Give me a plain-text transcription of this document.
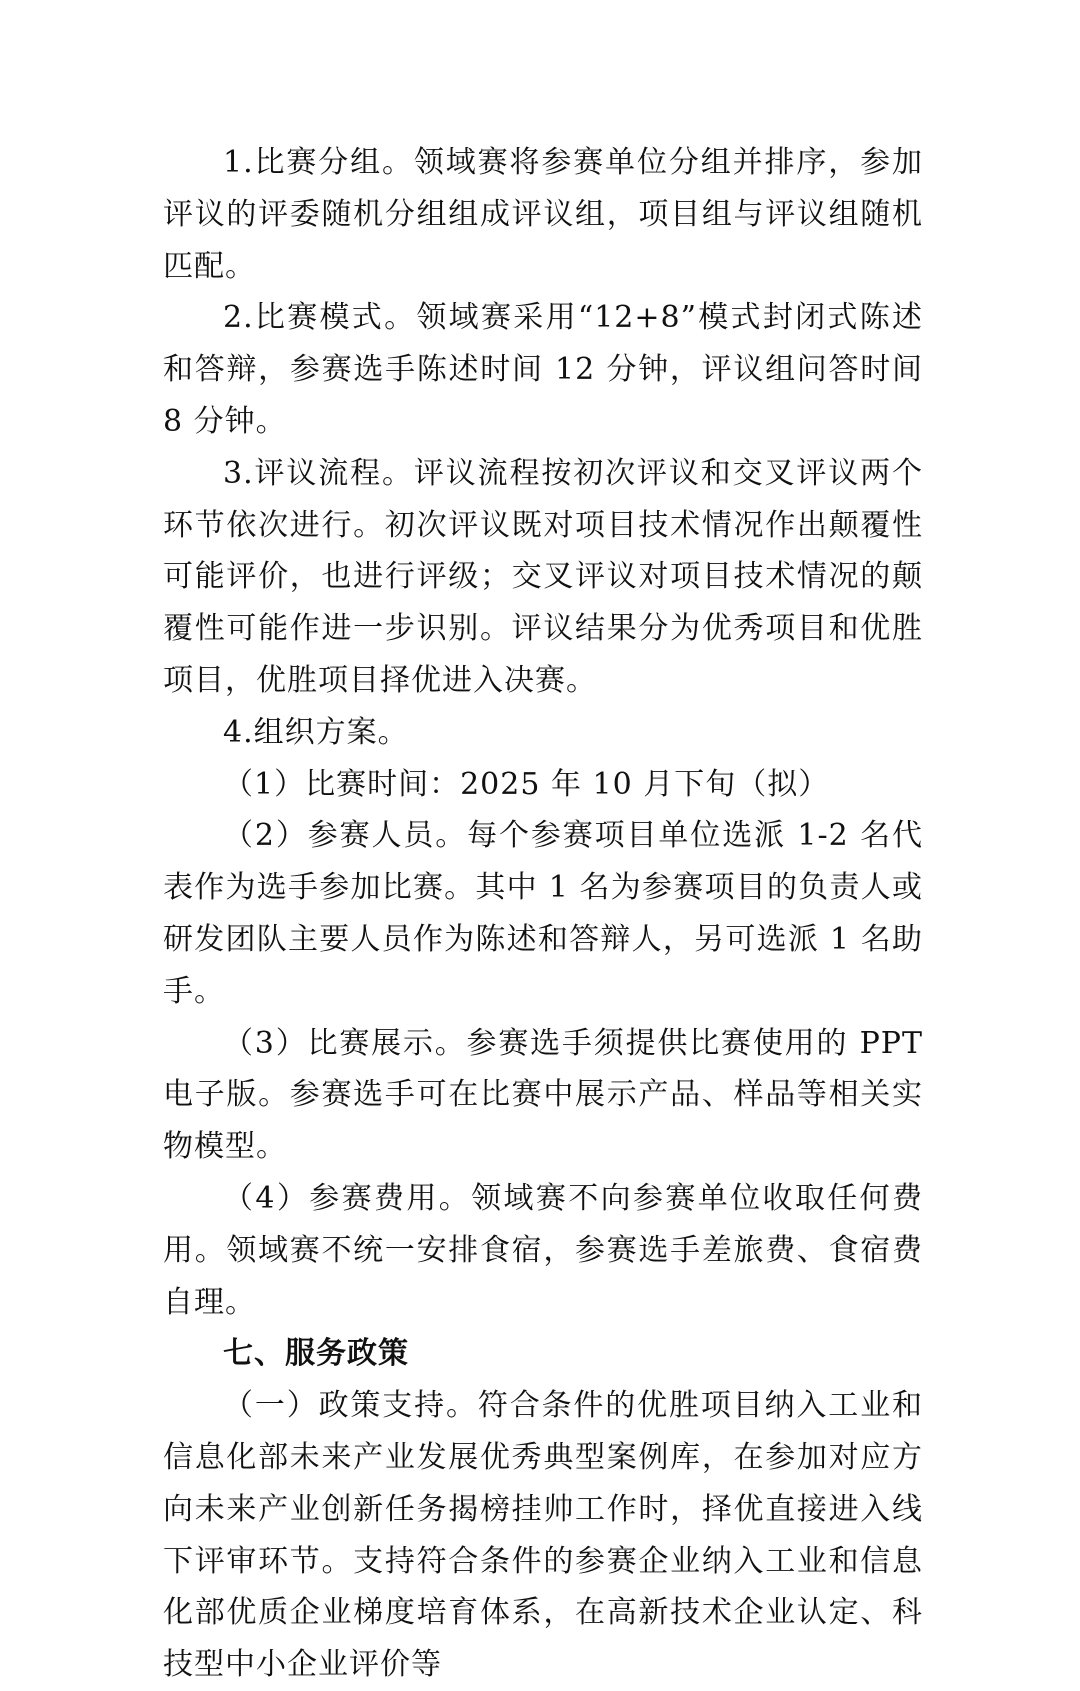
1.比赛分组。领域赛将参赛单位分组并排序，参加评议的评委随机分组组成评议组，项目组与评议组随机匹配。

2.比赛模式。领域赛采用“12+8”模式封闭式陈述和答辩，参赛选手陈述时间 12 分钟，评议组问答时间 8 分钟。

3.评议流程。评议流程按初次评议和交叉评议两个环节依次进行。初次评议既对项目技术情况作出颠覆性可能评价，也进行评级；交叉评议对项目技术情况的颠覆性可能作进一步识别。评议结果分为优秀项目和优胜项目，优胜项目择优进入决赛。

4.组织方案。

（1）比赛时间：2025 年 10 月下旬（拟）

（2）参赛人员。每个参赛项目单位选派 1-2 名代表作为选手参加比赛。其中 1 名为参赛项目的负责人或研发团队主要人员作为陈述和答辩人，另可选派 1 名助手。

（3）比赛展示。参赛选手须提供比赛使用的 PPT 电子版。参赛选手可在比赛中展示产品、样品等相关实物模型。

（4）参赛费用。领域赛不向参赛单位收取任何费用。领域赛不统一安排食宿，参赛选手差旅费、食宿费自理。

七、服务政策

（一）政策支持。符合条件的优胜项目纳入工业和信息化部未来产业发展优秀典型案例库，在参加对应方向未来产业创新任务揭榜挂帅工作时，择优直接进入线下评审环节。支持符合条件的参赛企业纳入工业和信息化部优质企业梯度培育体系，在高新技术企业认定、科技型中小企业评价等
